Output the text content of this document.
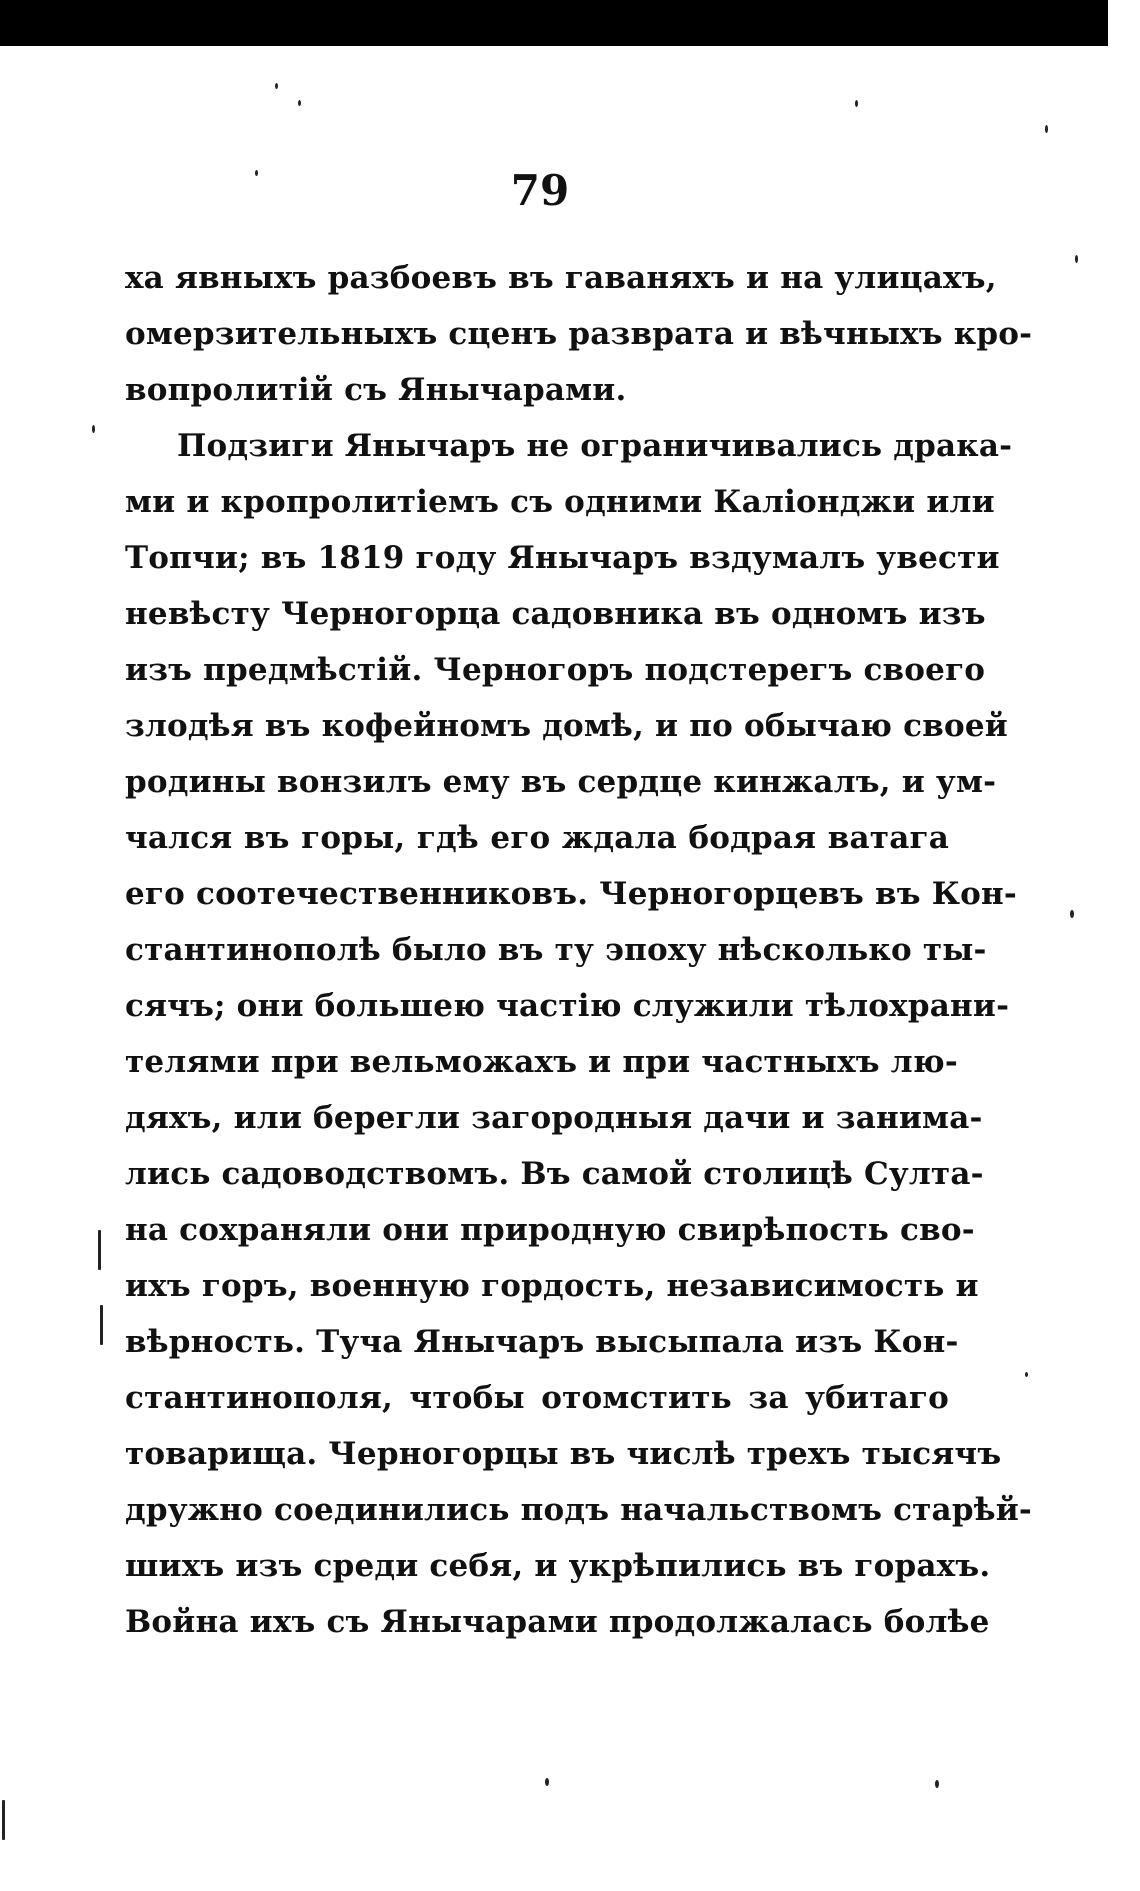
79
ха явныхъ разбоевъ въ гаваняхъ и на улицахъ,
омерзительныхъ сценъ разврата и вѣчныхъ кро-
вопролитій съ Янычарами.
Подзиги Янычаръ не ограничивались драка-
ми и кропролитіемъ съ одними Каліонджи или
Топчи; въ 1819 году Янычаръ вздумалъ увести
невѣсту Черногорца садовника въ одномъ изъ
изъ предмѣстій. Черногоръ подстерегъ своего
злодѣя въ кофейномъ домѣ, и по обычаю своей
родины вонзилъ ему въ сердце кинжалъ, и ум-
чался въ горы, гдѣ его ждала бодрая ватага
его соотечественниковъ. Черногорцевъ въ Кон-
стантинополѣ было въ ту эпоху нѣсколько ты-
сячъ; они большею частію служили тѣлохрани-
телями при вельможахъ и при частныхъ лю-
дяхъ, или берегли загородныя дачи и занима-
лись садоводствомъ. Въ самой столицѣ Султа-
на сохраняли они природную свирѣпость сво-
ихъ горъ, военную гордость, независимость и
вѣрность. Туча Янычаръ высыпала изъ Кон-
стантинополя, чтобы отомстить за убитаго
товарища. Черногорцы въ числѣ трехъ тысячъ
дружно соединились подъ начальствомъ старѣй-
шихъ изъ среди себя, и укрѣпились въ горахъ.
Война ихъ съ Янычарами продолжалась болѣе
